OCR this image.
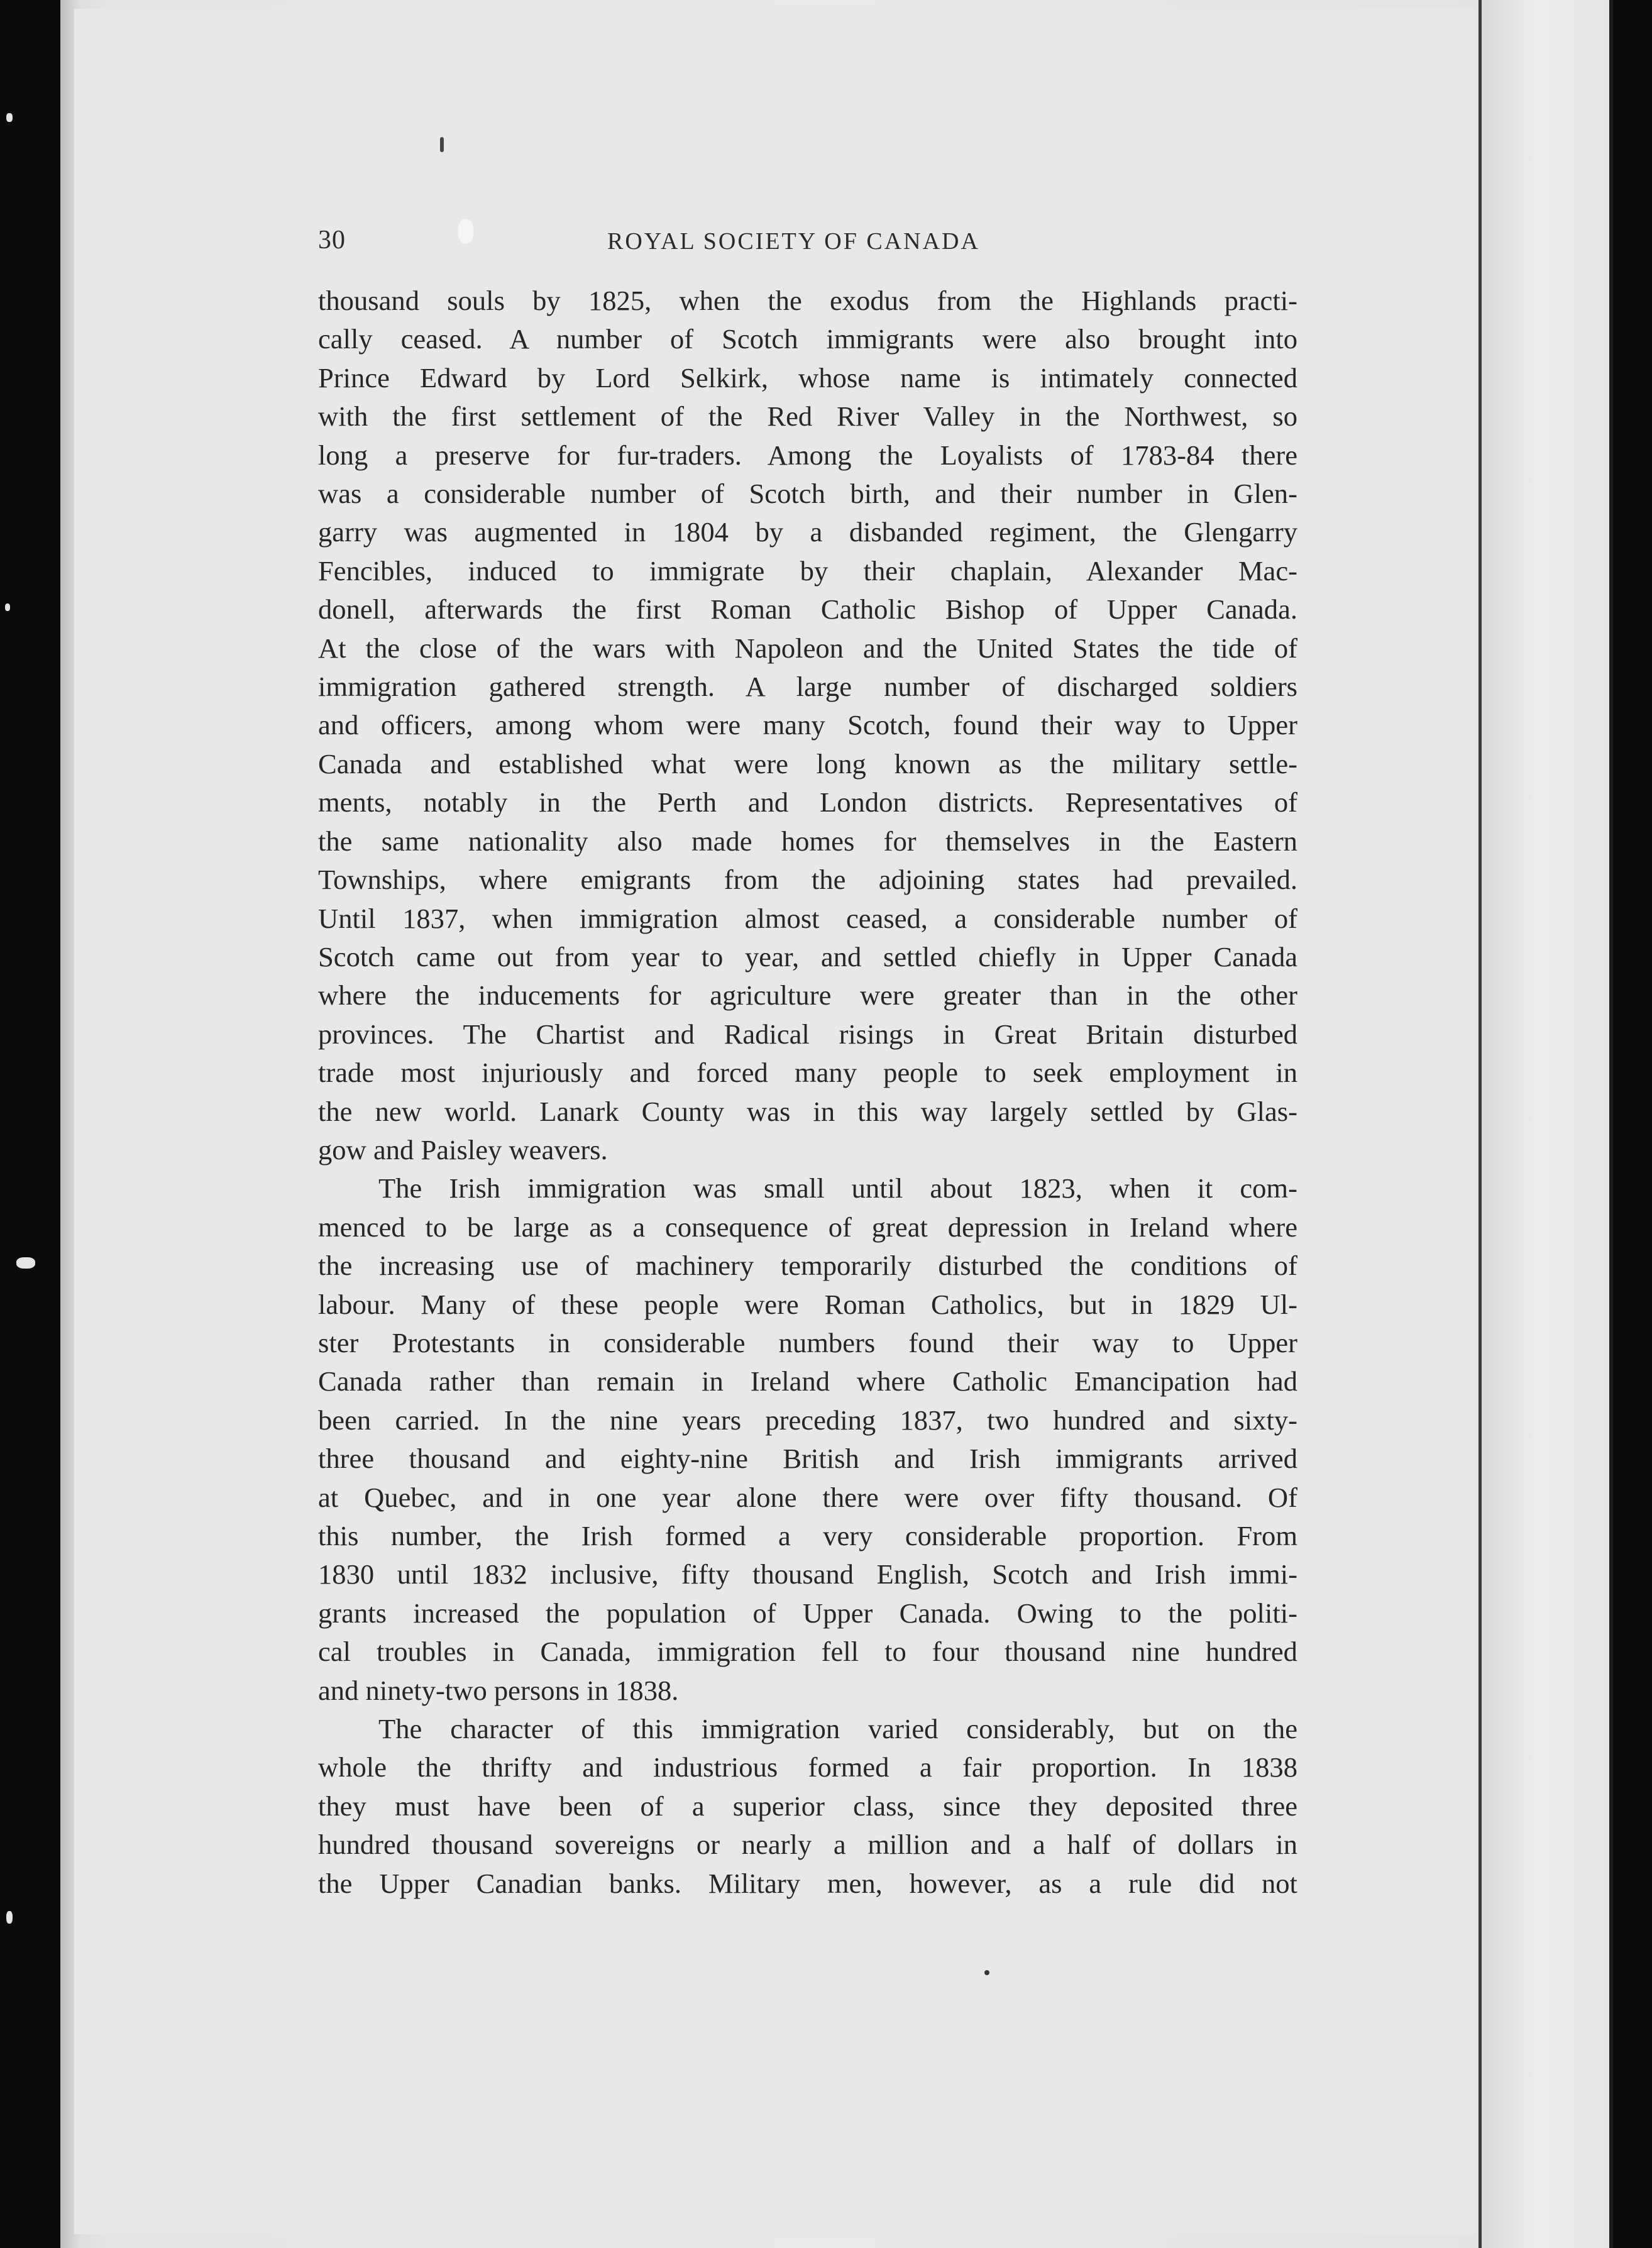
30	ROYAL SOCIETY OF CANADA

thousand souls by 1825, when the exodus from the Highlands practi-
cally ceased. A number of Scotch immigrants were also brought into
Prince Edward by Lord Selkirk, whose name is intimately connected
with the first settlement of the Red River Valley in the Northwest, so
long a preserve for fur-traders. Among the Loyalists of 1783-84 there
was a considerable number of Scotch birth, and their number in Glen-
garry was augmented in 1804 by a disbanded regiment, the Glengarry
Fencibles, induced to immigrate by their chaplain, Alexander Mac-
donell, afterwards the first Roman Catholic Bishop of Upper Canada.
At the close of the wars with Napoleon and the United States the tide of
immigration gathered strength. A large number of discharged soldiers
and officers, among whom were many Scotch, found their way to Upper
Canada and established what were long known as the military settle-
ments, notably in the Perth and London districts. Representatives of
the same nationality also made homes for themselves in the Eastern
Townships, where emigrants from the adjoining states had prevailed.
Until 1837, when immigration almost ceased, a considerable number of
Scotch came out from year to year, and settled chiefly in Upper Canada
where the inducements for agriculture were greater than in the other
provinces. The Chartist and Radical risings in Great Britain disturbed
trade most injuriously and forced many people to seek employment in
the new world. Lanark County was in this way largely settled by Glas-
gow and Paisley weavers.

The Irish immigration was small until about 1823, when it com-
menced to be large as a consequence of great depression in Ireland where
the increasing use of machinery temporarily disturbed the conditions of
labour. Many of these people were Roman Catholics, but in 1829 Ul-
ster Protestants in considerable numbers found their way to Upper
Canada rather than remain in Ireland where Catholic Emancipation had
been carried. In the nine years preceding 1837, two hundred and sixty-
three thousand and eighty-nine British and Irish immigrants arrived
at Quebec, and in one year alone there were over fifty thousand. Of
this number, the Irish formed a very considerable proportion. From
1830 until 1832 inclusive, fifty thousand English, Scotch and Irish immi-
grants increased the population of Upper Canada. Owing to the politi-
cal troubles in Canada, immigration fell to four thousand nine hundred
and ninety-two persons in 1838.

The character of this immigration varied considerably, but on the
whole the thrifty and industrious formed a fair proportion. In 1838
they must have been of a superior class, since they deposited three
hundred thousand sovereigns or nearly a million and a half of dollars in
the Upper Canadian banks. Military men, however, as a rule did not
